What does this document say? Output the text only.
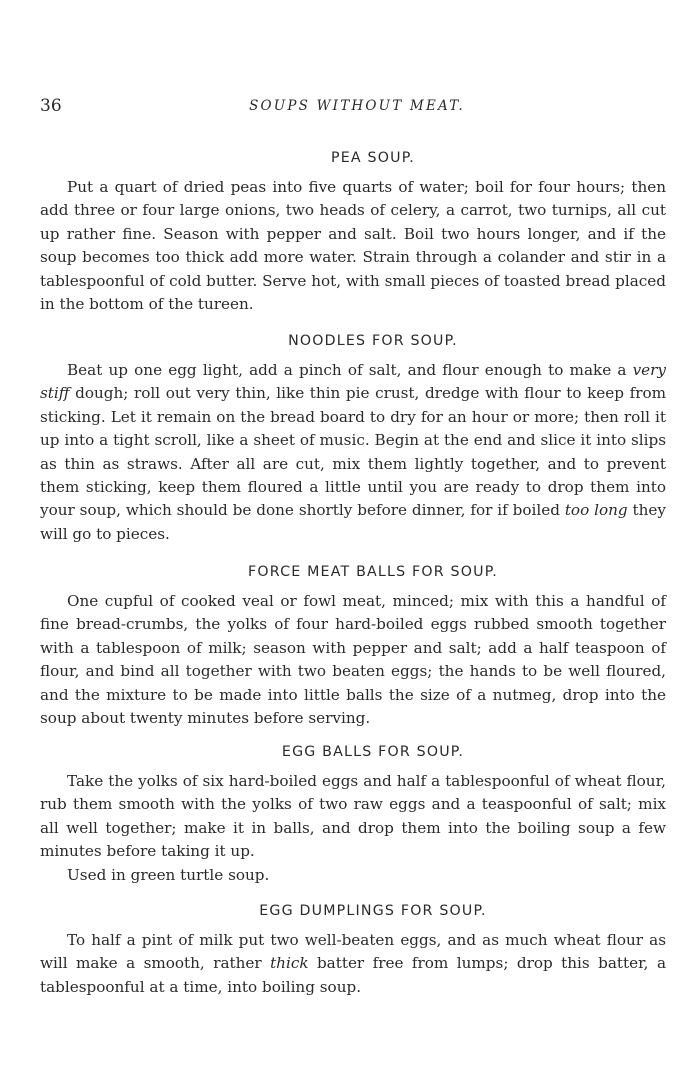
36	SOUPS WITHOUT MEAT.
PEA SOUP.

Put a quart of dried peas into five quarts of water; boil for four hours; then add three or four large onions, two heads of celery, a carrot, two turnips, all cut up rather fine. Season with pepper and salt. Boil two hours longer, and if the soup becomes too thick add more water. Strain through a colander and stir in a tablespoonful of cold butter. Serve hot, with small pieces of toasted bread placed in the bottom of the tureen.

NOODLES FOR SOUP.

Beat up one egg light, add a pinch of salt, and flour enough to make a very stiff dough; roll out very thin, like thin pie crust, dredge with flour to keep from sticking. Let it remain on the bread board to dry for an hour or more; then roll it up into a tight scroll, like a sheet of music. Begin at the end and slice it into slips as thin as straws. After all are cut, mix them lightly together, and to prevent them sticking, keep them floured a little until you are ready to drop them into your soup, which should be done shortly before dinner, for if boiled too long they will go to pieces.

FORCE MEAT BALLS FOR SOUP.

One cupful of cooked veal or fowl meat, minced; mix with this a handful of fine bread-crumbs, the yolks of four hard-boiled eggs rubbed smooth together with a tablespoon of milk; season with pepper and salt; add a half teaspoon of flour, and bind all together with two beaten eggs; the hands to be well floured, and the mixture to be made into little balls the size of a nutmeg, drop into the soup about twenty minutes before serving.

EGG BALLS FOR SOUP.

Take the yolks of six hard-boiled eggs and half a tablespoonful of wheat flour, rub them smooth with the yolks of two raw eggs and a teaspoonful of salt; mix all well together; make it in balls, and drop them into the boiling soup a few minutes before taking it up.

Used in green turtle soup.

EGG DUMPLINGS FOR SOUP.

To half a pint of milk put two well-beaten eggs, and as much wheat flour as will make a smooth, rather thick batter free from lumps; drop this batter, a tablespoonful at a time, into boiling soup.
